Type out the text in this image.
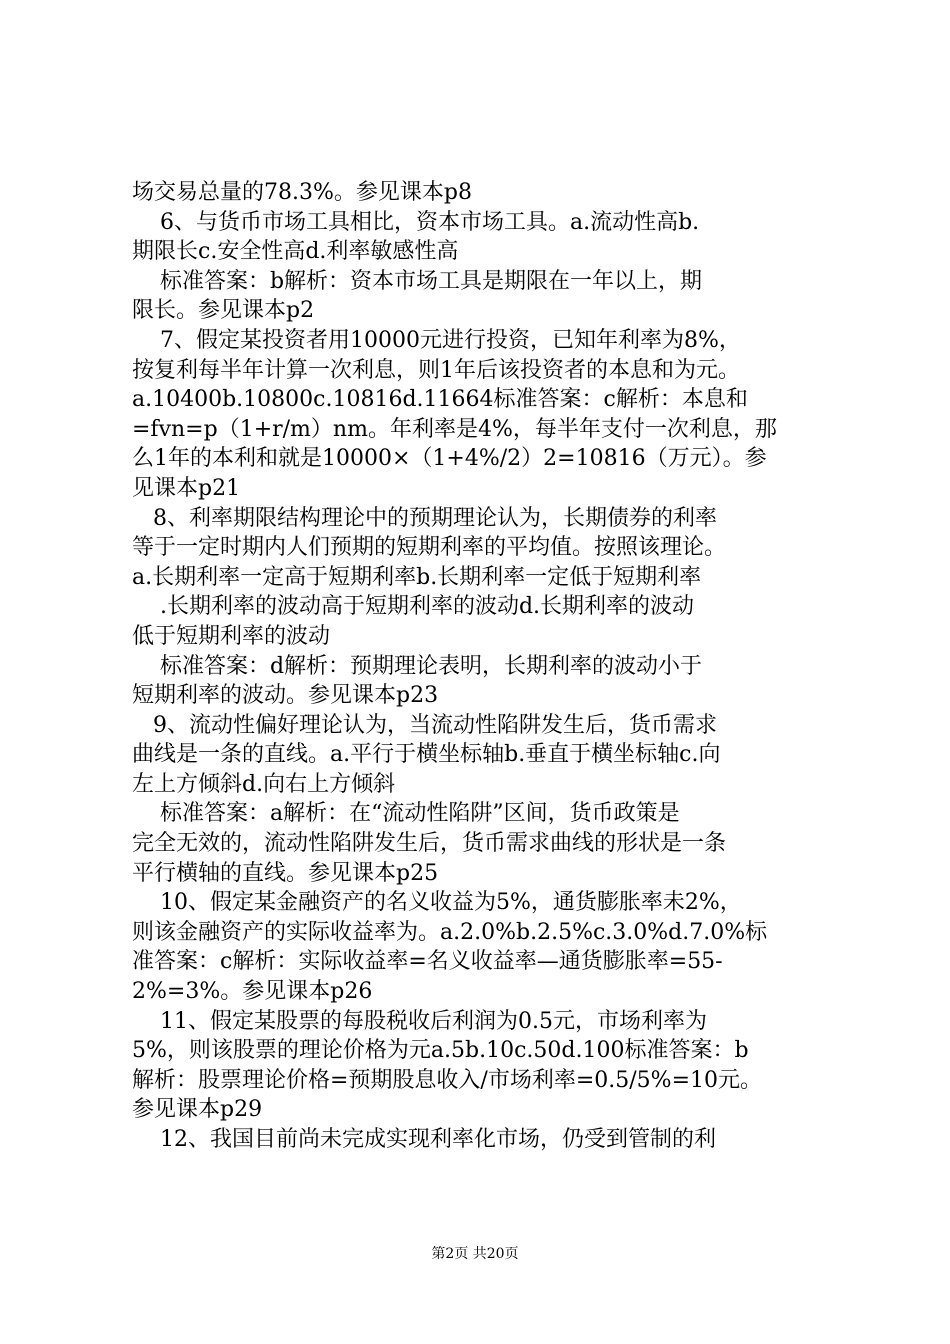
场交易总量的78.3%。参见课本p8
6、与货币市场工具相比，资本市场工具。a.流动性高b.
期限长c.安全性高d.利率敏感性高
标准答案：b解析：资本市场工具是期限在一年以上，期
限长。参见课本p2
7、假定某投资者用10000元进行投资，已知年利率为8%，
按复利每半年计算一次利息，则1年后该投资者的本息和为元。
a.10400b.10800c.10816d.11664标准答案：c解析：本息和
=fvn=p（1+r/m）nm。年利率是4%，每半年支付一次利息，那
么1年的本利和就是10000×（1+4%/2）2=10816（万元）。参
见课本p21
8、利率期限结构理论中的预期理论认为，长期债券的利率
等于一定时期内人们预期的短期利率的平均值。按照该理论。
a.长期利率一定高于短期利率b.长期利率一定低于短期利率
.长期利率的波动高于短期利率的波动d.长期利率的波动
低于短期利率的波动
标准答案：d解析：预期理论表明，长期利率的波动小于
短期利率的波动。参见课本p23
9、流动性偏好理论认为，当流动性陷阱发生后，货币需求
曲线是一条的直线。a.平行于横坐标轴b.垂直于横坐标轴c.向
左上方倾斜d.向右上方倾斜
标准答案：a解析：在“流动性陷阱”区间，货币政策是
完全无效的，流动性陷阱发生后，货币需求曲线的形状是一条
平行横轴的直线。参见课本p25
10、假定某金融资产的名义收益为5%，通货膨胀率未2%，
则该金融资产的实际收益率为。a.2.0%b.2.5%c.3.0%d.7.0%标
准答案：c解析：实际收益率=名义收益率—通货膨胀率=55-
2%=3%。参见课本p26
11、假定某股票的每股税收后利润为0.5元，市场利率为
5%，则该股票的理论价格为元a.5b.10c.50d.100标准答案：b
解析：股票理论价格=预期股息收入/市场利率=0.5/5%=10元。
参见课本p29
12、我国目前尚未完成实现利率化市场，仍受到管制的利
第2页 共20页
